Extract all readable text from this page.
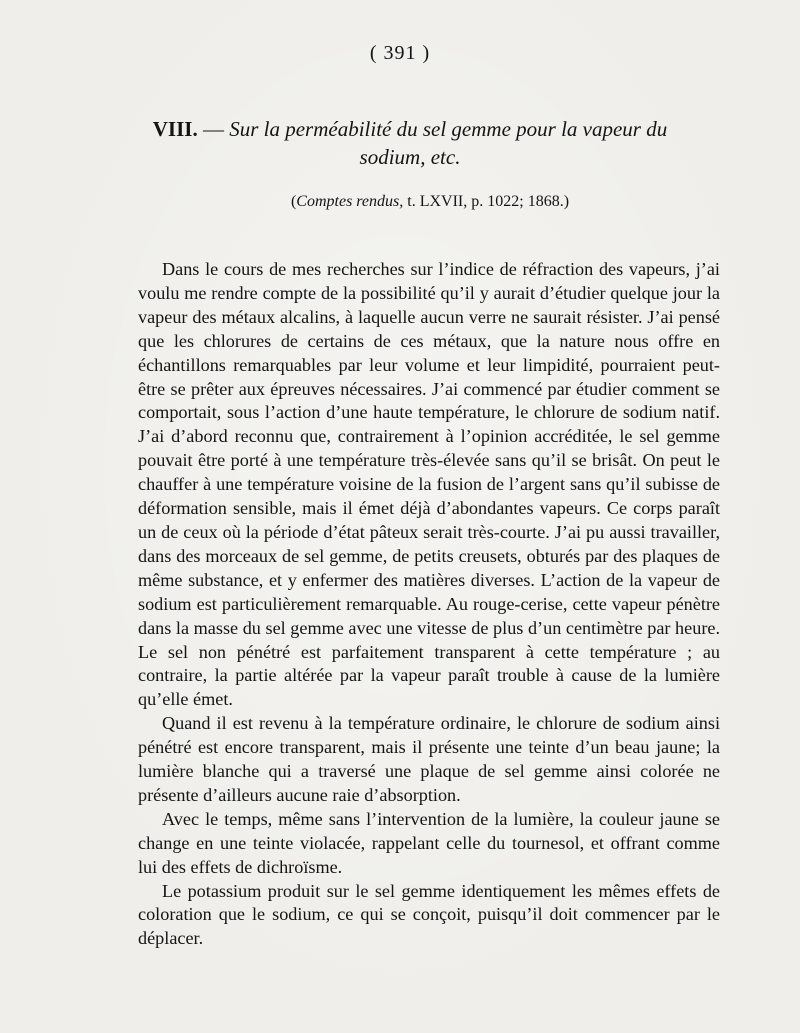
( 391 )
VIII. — Sur la perméabilité du sel gemme pour la vapeur du sodium, etc.
(Comptes rendus, t. LXVII, p. 1022; 1868.)

Dans le cours de mes recherches sur l’indice de réfraction des vapeurs, j’ai voulu me rendre compte de la possibilité qu’il y aurait d’étudier quelque jour la vapeur des métaux alcalins, à laquelle aucun verre ne saurait résister. J’ai pensé que les chlorures de certains de ces métaux, que la nature nous offre en échantillons remarquables par leur volume et leur limpidité, pourraient peut-être se prêter aux épreuves nécessaires. J’ai commencé par étudier comment se comportait, sous l’action d’une haute température, le chlorure de sodium natif. J’ai d’abord reconnu que, contrairement à l’opinion accréditée, le sel gemme pouvait être porté à une température très-élevée sans qu’il se brisât. On peut le chauffer à une température voisine de la fusion de l’argent sans qu’il subisse de déformation sensible, mais il émet déjà d’abondantes vapeurs. Ce corps paraît un de ceux où la période d’état pâteux serait très-courte. J’ai pu aussi travailler, dans des morceaux de sel gemme, de petits creusets, obturés par des plaques de même substance, et y enfermer des matières diverses. L’action de la vapeur de sodium est particulièrement remarquable. Au rouge-cerise, cette vapeur pénètre dans la masse du sel gemme avec une vitesse de plus d’un centimètre par heure. Le sel non pénétré est parfaitement transparent à cette température ; au contraire, la partie altérée par la vapeur paraît trouble à cause de la lumière qu’elle émet.

Quand il est revenu à la température ordinaire, le chlorure de sodium ainsi pénétré est encore transparent, mais il présente une teinte d’un beau jaune; la lumière blanche qui a traversé une plaque de sel gemme ainsi colorée ne présente d’ailleurs aucune raie d’absorption.

Avec le temps, même sans l’intervention de la lumière, la couleur jaune se change en une teinte violacée, rappelant celle du tournesol, et offrant comme lui des effets de dichroïsme.

Le potassium produit sur le sel gemme identiquement les mêmes effets de coloration que le sodium, ce qui se conçoit, puisqu’il doit commencer par le déplacer.
